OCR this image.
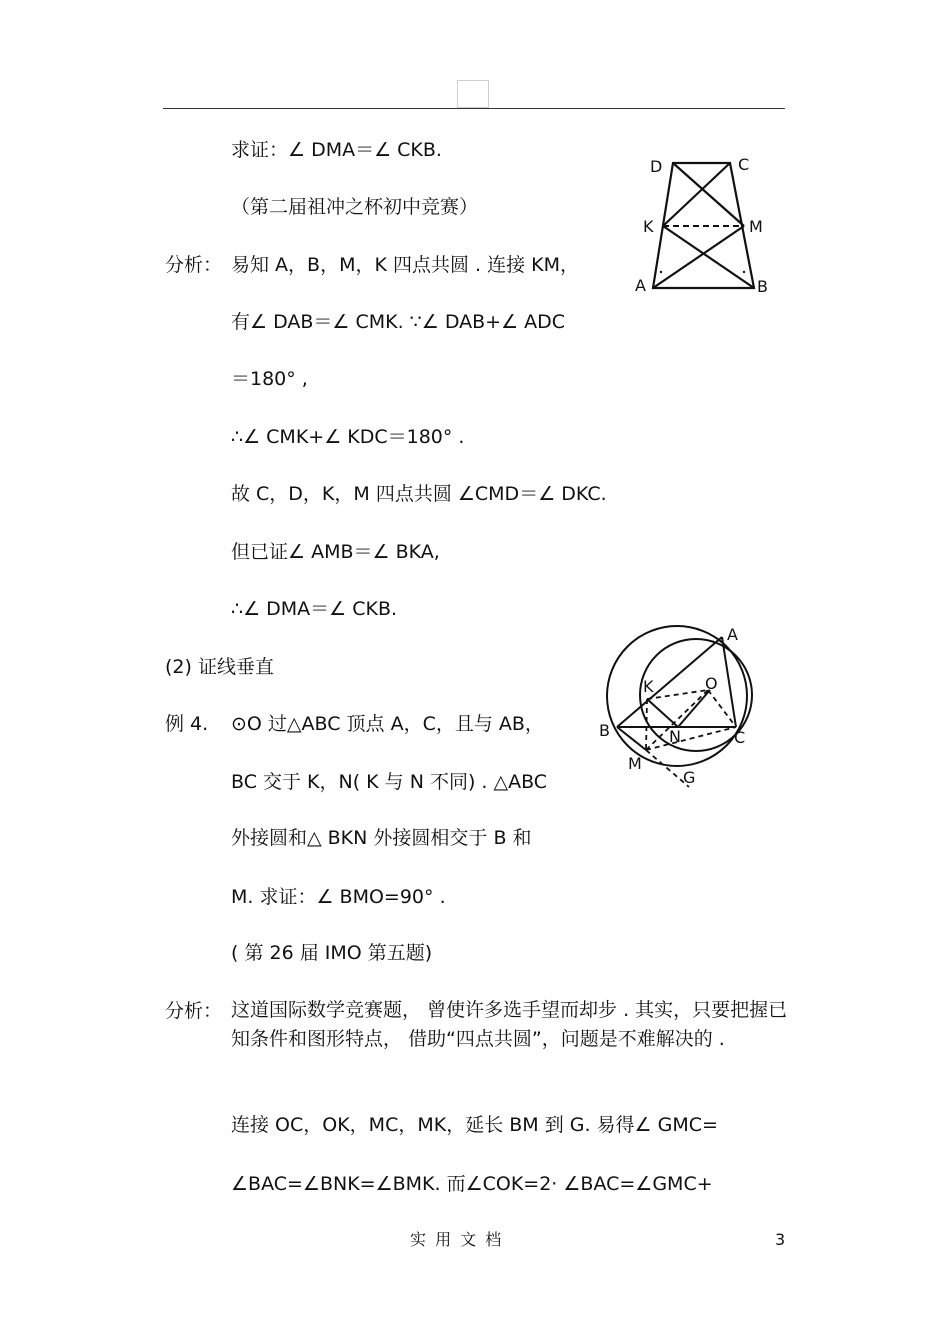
求证：∠ DMA＝∠ CKB.
（第二届祖冲之杯初中竞赛）
分析： 易知 A，B，M，K 四点共圆 . 连接 KM，
有∠ DAB＝∠ CMK. ∵∠ DAB+∠ ADC
＝180° ,
∴∠ CMK+∠ KDC＝180° .
故 C，D，K，M 四点共圆 ∠CMD＝∠ DKC.
但已证∠ AMB＝∠ BKA,
∴∠ DMA＝∠ CKB.
(2) 证线垂直
例 4. ⊙O 过△ABC 顶点 A，C，且与 AB，
BC 交于 K，N( K 与 N 不同) . △ABC
外接圆和△ BKN 外接圆相交于 B 和
M. 求证：∠ BMO=90° .
( 第 26 届 IMO 第五题)
分析： 这道国际数学竞赛题， 曾使许多选手望而却步 . 其实，只要把握已知条件和图形特点， 借助“四点共圆”，问题是不难解决的 .
连接 OC，OK，MC，MK，延长 BM 到 G. 易得∠ GMC=
∠BAC=∠BNK=∠BMK. 而∠COK=2· ∠BAC=∠GMC+
D	C
K	M
A	B
A
K	O
B	N	C
M
G
实 用 文 档	3
